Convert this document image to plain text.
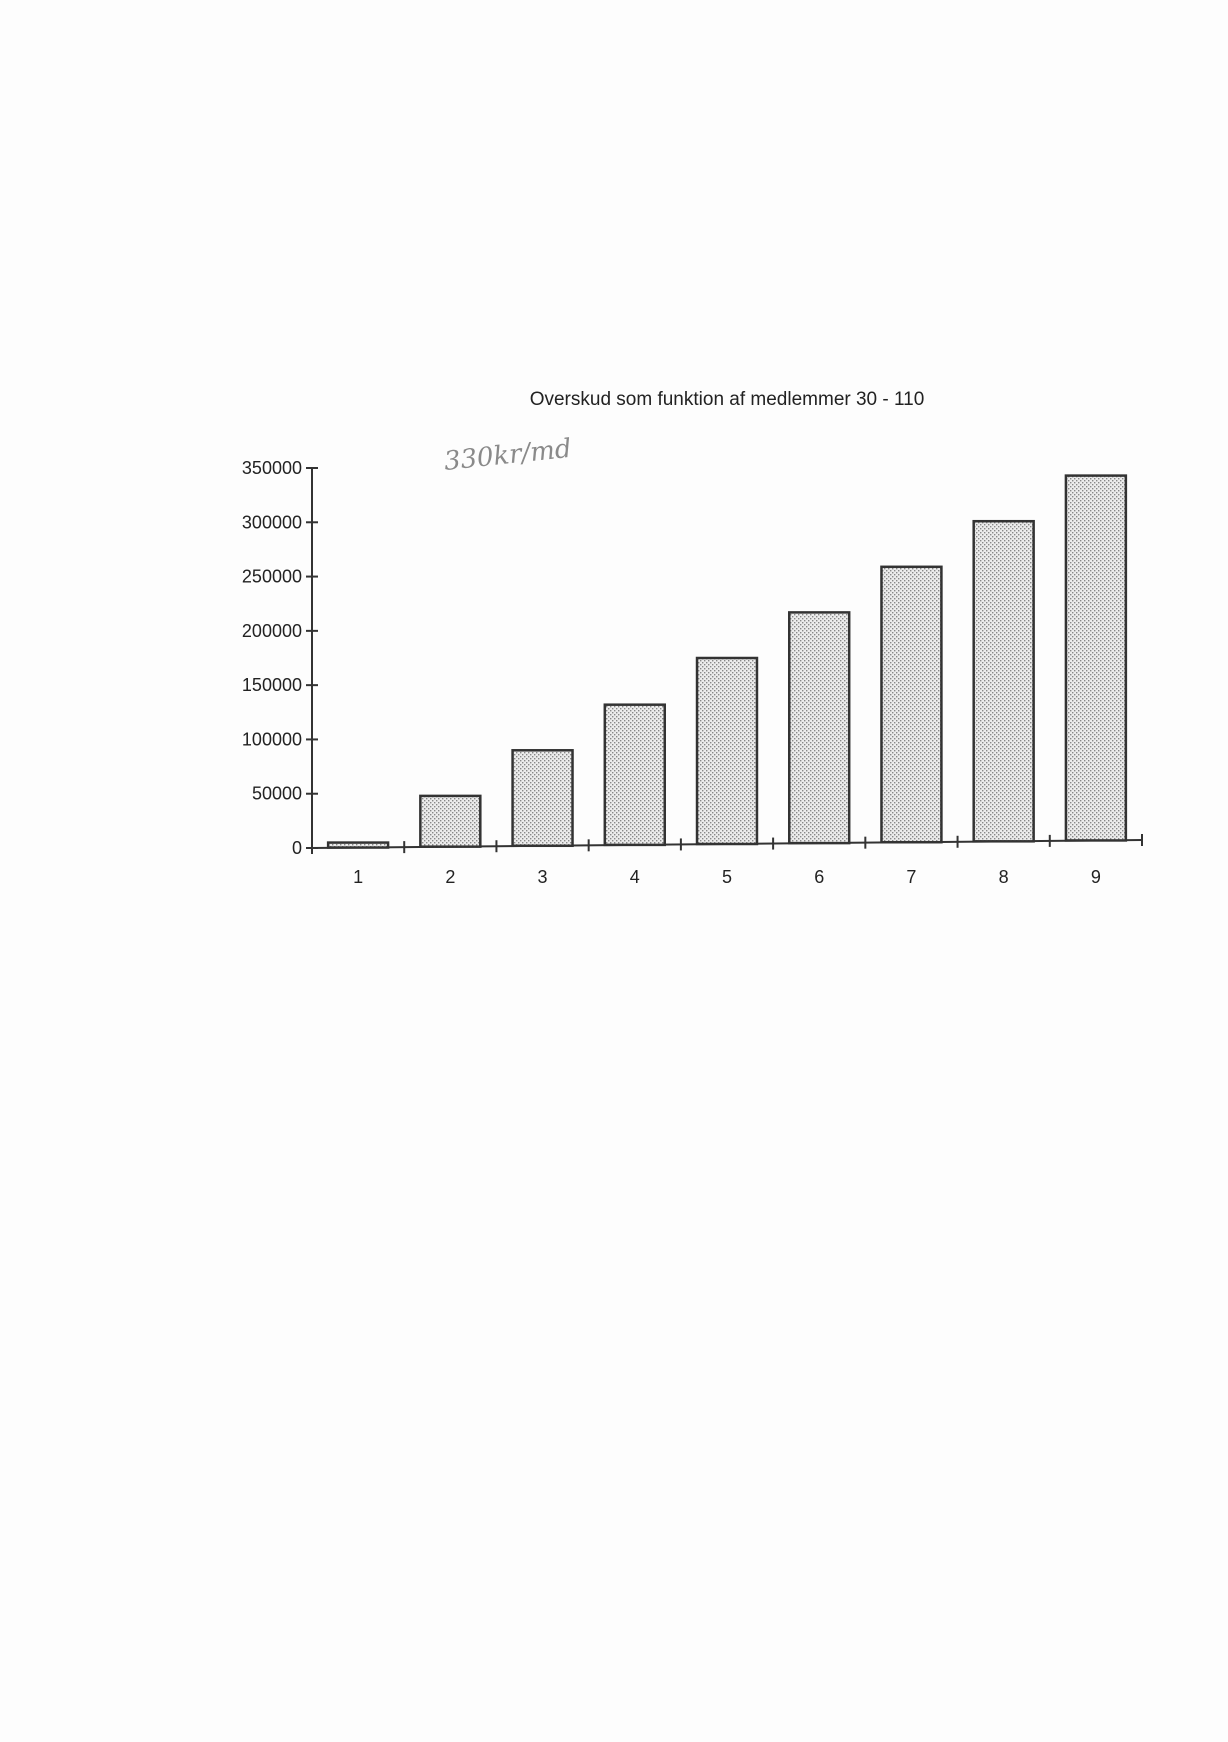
Overskud som funktion af medlemmer 30 - 110
330kr/md
0
50000
100000
150000
200000
250000
300000
350000
1	2	3	4	5	6	7	8	9
